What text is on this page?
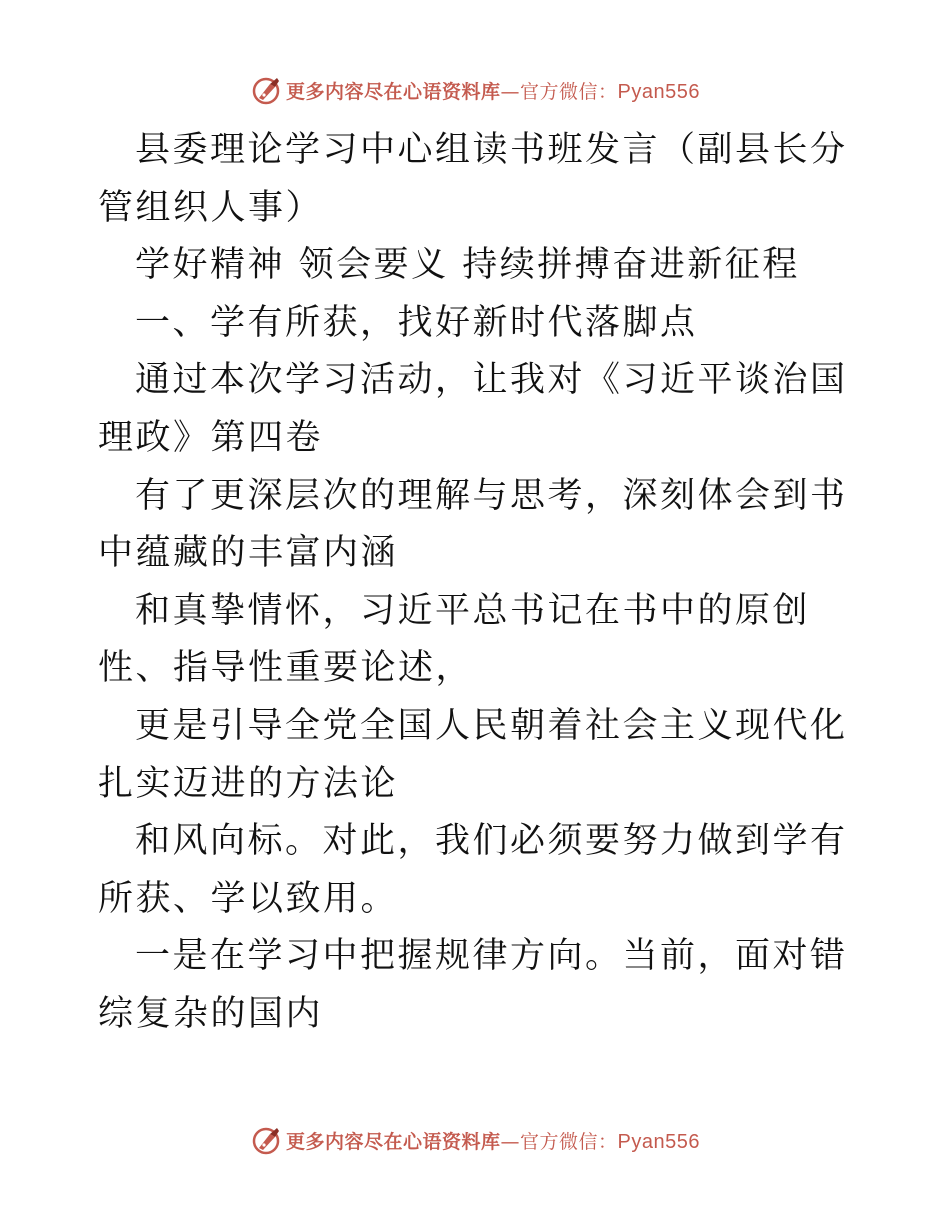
更多内容尽在心语资料库—官方微信：Pyan556

县委理论学习中心组读书班发言（副县长分管组织人事）

学好精神 领会要义 持续拼搏奋进新征程

一、学有所获，找好新时代落脚点

通过本次学习活动，让我对《习近平谈治国理政》第四卷

有了更深层次的理解与思考，深刻体会到书中蕴藏的丰富内涵

和真挚情怀，习近平总书记在书中的原创性、指导性重要论述，

更是引导全党全国人民朝着社会主义现代化扎实迈进的方法论

和风向标。对此，我们必须要努力做到学有所获、学以致用。

一是在学习中把握规律方向。当前，面对错综复杂的国内

更多内容尽在心语资料库—官方微信：Pyan556
